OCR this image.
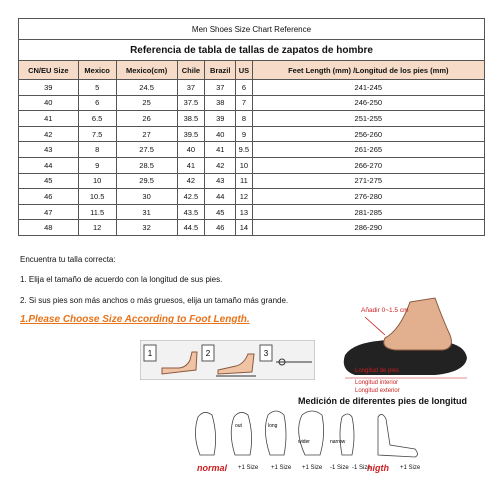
Men Shoes Size Chart Reference						
Referencia de tabla de tallas de zapatos de hombre						
CN/EU Size	Mexico	Mexico(cm)	Chile	Brazil	US	Feet Length (mm) /Longitud de los pies (mm)
39	5	24.5	37	37	6	241-245
40	6	25	37.5	38	7	246-250
41	6.5	26	38.5	39	8	251-255
42	7.5	27	39.5	40	9	256-260
43	8	27.5	40	41	9.5	261-265
44	9	28.5	41	42	10	266-270
45	10	29.5	42	43	11	271-275
46	10.5	30	42.5	44	12	276-280
47	11.5	31	43.5	45	13	281-285
48	12	32	44.5	46	14	286-290
Encuentra tu talla correcta:
1. Elija el tamaño de acuerdo con la longitud de sus pies.
2. Si sus pies son más anchos o más gruesos, elija un tamaño más grande.
1.Please Choose Size According to Foot Length.
1	2	3
Añadir 0~1.5 cm
Longitud de pies
Longitud interior
Longitud exterior
Medición de diferentes pies de longitud
out	long
wider	narrow
normal +1 Size +1 Size +1 Size -1 Size -1 Size
higth +1 Size
